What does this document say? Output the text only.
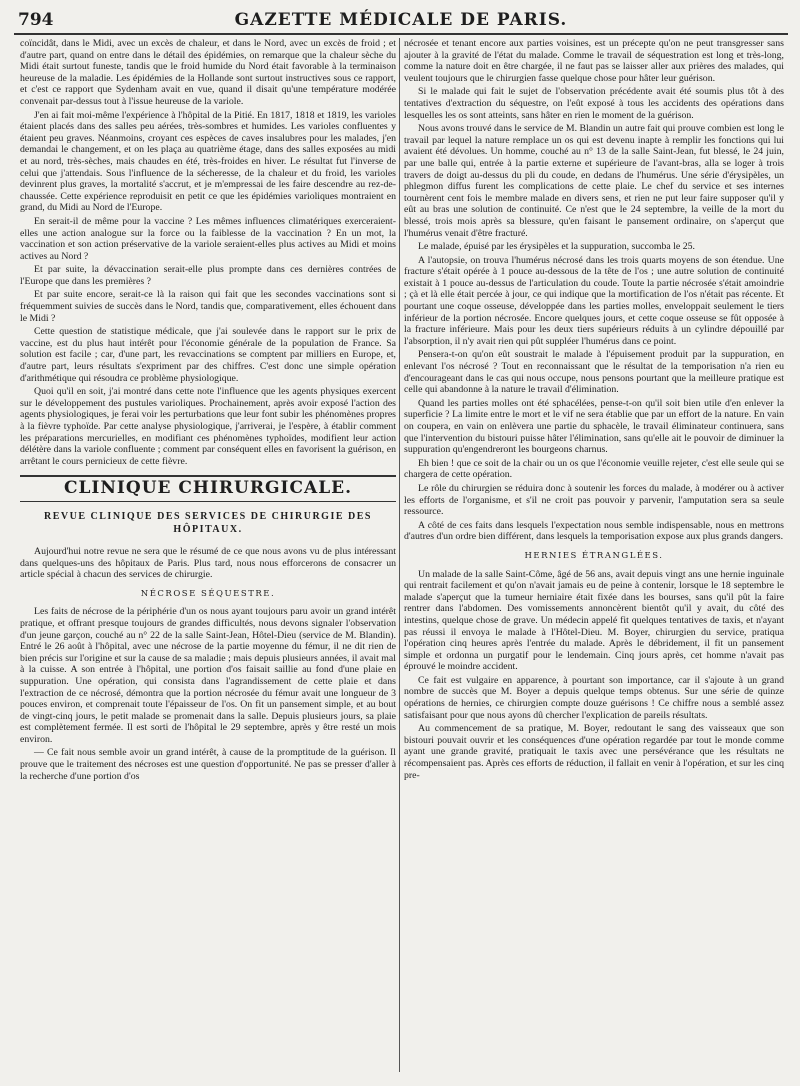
794	GAZETTE MÉDICALE DE PARIS.

coïncidât, dans le Midi, avec un excès de chaleur, et dans le Nord, avec un excès de froid ; et d'autre part, quand on entre dans le détail des épidémies, on remarque que la chaleur sèche du Midi était surtout funeste, tandis que le froid humide du Nord était favorable à la terminaison heureuse de la maladie. Les épidémies de la Hollande sont surtout instructives sous ce rapport, et c'est ce rapport que Sydenham avait en vue, quand il disait qu'une température modérée convenait par-dessus tout à l'issue heureuse de la variole.

J'en ai fait moi-même l'expérience à l'hôpital de la Pitié. En 1817, 1818 et 1819, les varioles étaient placés dans des salles peu aérées, très-sombres et humides. Les varioles confluentes y étaient peu graves. Néanmoins, croyant ces espèces de caves insalubres pour les malades, j'en demandai le changement, et on les plaça au quatrième étage, dans des salles exposées au midi et au nord, très-sèches, mais chaudes en été, très-froides en hiver. Le résultat fut l'inverse de celui que j'attendais. Sous l'influence de la sécheresse, de la chaleur et du froid, les varioles devinrent plus graves, la mortalité s'accrut, et je m'empressai de les faire descendre au rez-de-chaussée. Cette expérience reproduisit en petit ce que les épidémies varioliques montraient en grand, du Midi au Nord de l'Europe.

En serait-il de même pour la vaccine ? Les mêmes influences climatériques exerceraient-elles une action analogue sur la force ou la faiblesse de la vaccination ? En un mot, la vaccination et son action préservative de la variole seraient-elles plus actives au Midi et moins actives au Nord ?

Et par suite, la dévaccination serait-elle plus prompte dans ces dernières contrées de l'Europe que dans les premières ?

Et par suite encore, serait-ce là la raison qui fait que les secondes vaccinations sont si fréquemment suivies de succès dans le Nord, tandis que, comparativement, elles échouent dans le Midi ?

Cette question de statistique médicale, que j'ai soulevée dans le rapport sur le prix de vaccine, est du plus haut intérêt pour l'économie générale de la population de France. Sa solution est facile ; car, d'une part, les revaccinations se comptent par milliers en Europe, et, d'autre part, leurs résultats s'expriment par des chiffres. C'est donc une simple opération d'arithmétique qui résoudra ce problème physiologique.

Quoi qu'il en soit, j'ai montré dans cette note l'influence que les agents physiques exercent sur le développement des pustules varioliques. Prochainement, après avoir exposé l'action des agents physiologiques, je ferai voir les perturbations que leur font subir les phénomènes propres à la fièvre typhoïde. Par cette analyse physiologique, j'arriverai, je l'espère, à établir comment les préparations mercurielles, en modifiant ces phénomènes typhoïdes, modifient leur action délétère dans la variole confluente ; comment par conséquent elles en favorisent la guérison, en arrêtant le cours pernicieux de cette fièvre.

CLINIQUE CHIRURGICALE.
REVUE CLINIQUE DES SERVICES DE CHIRURGIE DES HÔPITAUX.

Aujourd'hui notre revue ne sera que le résumé de ce que nous avons vu de plus intéressant dans quelques-uns des hôpitaux de Paris. Plus tard, nous nous efforcerons de consacrer un article spécial à chacun des services de chirurgie.

NÉCROSE SÉQUESTRE.

Les faits de nécrose de la périphérie d'un os nous ayant toujours paru avoir un grand intérêt pratique, et offrant presque toujours de grandes difficultés, nous devons signaler l'observation d'un jeune garçon, couché au n° 22 de la salle Saint-Jean, Hôtel-Dieu (service de M. Blandin). Entré le 26 août à l'hôpital, avec une nécrose de la partie moyenne du fémur, il ne dit rien de bien précis sur l'origine et sur la cause de sa maladie ; mais depuis plusieurs années, il avait mal à la cuisse. A son entrée à l'hôpital, une portion d'os faisait saillie au fond d'une plaie en suppuration. Une opération, qui consista dans l'agrandissement de cette plaie et dans l'extraction de ce nécrosé, démontra que la portion nécrosée du fémur avait une longueur de 3 pouces environ, et comprenait toute l'épaisseur de l'os. On fit un pansement simple, et au bout de vingt-cinq jours, le petit malade se promenait dans la salle. Depuis plusieurs jours, sa plaie est complètement fermée. Il est sorti de l'hôpital le 29 septembre, après y être resté un mois environ.

— Ce fait nous semble avoir un grand intérêt, à cause de la promptitude de la guérison. Il prouve que le traitement des nécroses est une question d'opportunité. Ne pas se presser d'aller à la recherche d'une portion d'os

nécrosée et tenant encore aux parties voisines, est un précepte qu'on ne peut transgresser sans ajouter à la gravité de l'état du malade. Comme le travail de séquestration est long et très-long, comme la nature doit en être chargée, il ne faut pas se laisser aller aux prières des malades, qui veulent toujours que le chirurgien fasse quelque chose pour hâter leur guérison.

Si le malade qui fait le sujet de l'observation précédente avait été soumis plus tôt à des tentatives d'extraction du séquestre, on l'eût exposé à tous les accidents des opérations dans lesquelles les os sont atteints, sans hâter en rien le moment de la guérison.

Nous avons trouvé dans le service de M. Blandin un autre fait qui prouve combien est long le travail par lequel la nature remplace un os qui est devenu inapte à remplir les fonctions qui lui avaient été dévolues. Un homme, couché au n° 13 de la salle Saint-Jean, fut blessé, le 24 juin, par une balle qui, entrée à la partie externe et supérieure de l'avant-bras, alla se loger à trois travers de doigt au-dessus du pli du coude, en dedans de l'humérus. Une série d'érysipèles, un phlegmon diffus furent les complications de cette plaie. Le chef du service et ses internes tournèrent cent fois le membre malade en divers sens, et rien ne put leur faire supposer qu'il y eût au bras une solution de continuité. Ce n'est que le 24 septembre, la veille de la mort du blessé, trois mois après sa blessure, qu'en faisant le pansement ordinaire, on s'aperçut que l'humérus venait d'être fracturé.

Le malade, épuisé par les érysipèles et la suppuration, succomba le 25.

A l'autopsie, on trouva l'humérus nécrosé dans les trois quarts moyens de son étendue. Une fracture s'était opérée à 1 pouce au-dessous de la tête de l'os ; une autre solution de continuité existait à 1 pouce au-dessus de l'articulation du coude. Toute la partie nécrosée s'était amoindrie ; çà et là elle était percée à jour, ce qui indique que la mortification de l'os n'était pas récente. Et pourtant une coque osseuse, développée dans les parties molles, enveloppait seulement le tiers inférieur de la portion nécrosée. Encore quelques jours, et cette coque osseuse se fût opposée à la fracture inférieure. Mais pour les deux tiers supérieurs réduits à un cylindre dépouillé par l'absorption, il n'y avait rien qui pût suppléer l'humérus dans ce point.

Pensera-t-on qu'on eût soustrait le malade à l'épuisement produit par la suppuration, en enlevant l'os nécrosé ? Tout en reconnaissant que le résultat de la temporisation n'a rien eu d'encourageant dans le cas qui nous occupe, nous pensons pourtant que la meilleure pratique est celle qui abandonne à la nature le travail d'élimination.

Quand les parties molles ont été sphacélées, pense-t-on qu'il soit bien utile d'en enlever la superficie ? La limite entre le mort et le vif ne sera établie que par un effort de la nature. En vain on coupera, en vain on enlèvera une partie du sphacèle, le travail éliminateur continuera, sans que l'intervention du bistouri puisse hâter l'élimination, sans qu'elle ait le pouvoir de diminuer la suppuration qu'engendreront les bourgeons charnus.

Eh bien ! que ce soit de la chair ou un os que l'économie veuille rejeter, c'est elle seule qui se chargera de cette opération.

Le rôle du chirurgien se réduira donc à soutenir les forces du malade, à modérer ou à activer les efforts de l'organisme, et s'il ne croit pas pouvoir y parvenir, l'amputation sera sa seule ressource.

A côté de ces faits dans lesquels l'expectation nous semble indispensable, nous en mettrons d'autres d'un ordre bien différent, dans lesquels la temporisation expose aux plus grands dangers.

HERNIES ÉTRANGLÉES.

Un malade de la salle Saint-Côme, âgé de 56 ans, avait depuis vingt ans une hernie inguinale qui rentrait facilement et qu'on n'avait jamais eu de peine à contenir, lorsque le 18 septembre le malade s'aperçut que la tumeur herniaire était fixée dans les bourses, sans qu'il pût la faire rentrer dans l'abdomen. Des vomissements annoncèrent bientôt qu'il y avait, du côté des intestins, quelque chose de grave. Un médecin appelé fit quelques tentatives de taxis, et n'ayant pas réussi il envoya le malade à l'Hôtel-Dieu. M. Boyer, chirurgien du service, pratiqua l'opération cinq heures après l'entrée du malade. Après le débridement, il fit un pansement simple et ordonna un purgatif pour le lendemain. Cinq jours après, cet homme n'avait pas éprouvé le moindre accident.

Ce fait est vulgaire en apparence, à pourtant son importance, car il s'ajoute à un grand nombre de succès que M. Boyer a depuis quelque temps obtenus. Sur une série de quinze opérations de hernies, ce chirurgien compte douze guérisons ! Ce chiffre nous a semblé assez satisfaisant pour que nous ayons dû chercher l'explication de pareils résultats.

Au commencement de sa pratique, M. Boyer, redoutant le sang des vaisseaux que son bistouri pouvait ouvrir et les conséquences d'une opération regardée par tout le monde comme ayant une grande gravité, pratiquait le taxis avec une persévérance que les résultats ne récompensaient pas. Après ces efforts de réduction, il fallait en venir à l'opération, et sur les cinq pre-
